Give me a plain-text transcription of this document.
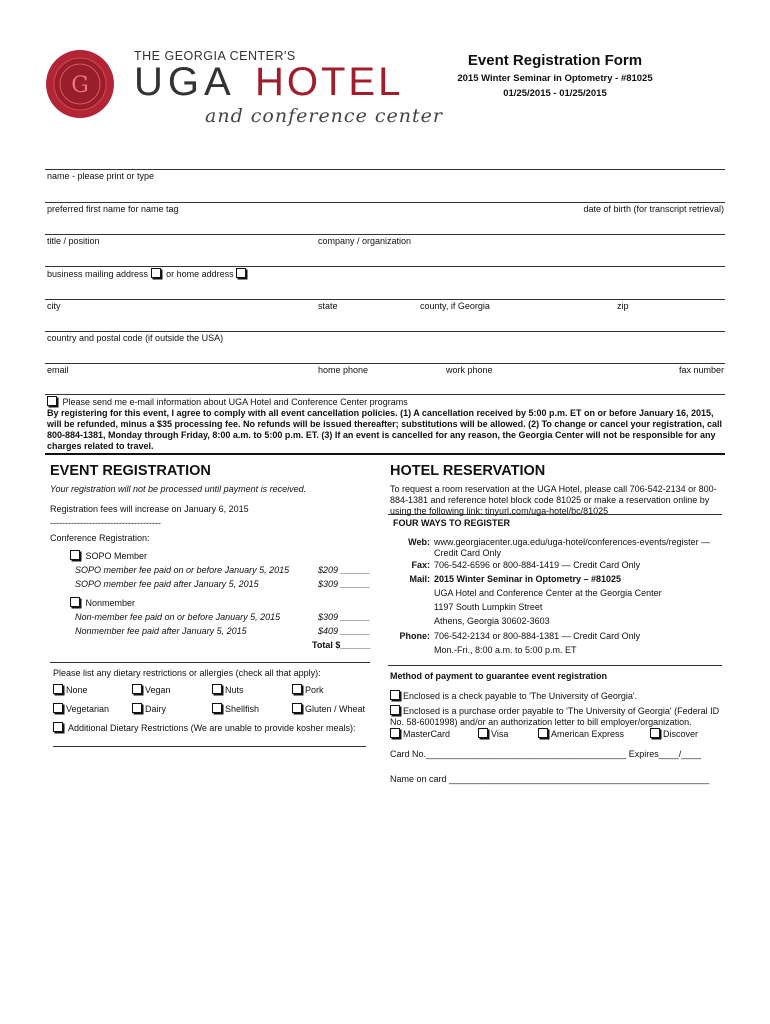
G
THE GEORGIA CENTER'S
UGA HOTEL
and conference center
Event Registration Form
2015 Winter Seminar in Optometry - #81025
01/25/2015 - 01/25/2015
name - please print or type
preferred first name for name tag	date of birth (for transcript retrieval)
title / position	company / organization
business mailing address or home address
city	state	county, if Georgia	zip
country and postal code (if outside the USA)
email	home phone	work phone	fax number
Please send me e-mail information about UGA Hotel and Conference Center programs
By registering for this event, I agree to comply with all event cancellation policies. (1) A cancellation received by 5:00 p.m. ET on or before January 16, 2015, will be refunded, minus a $35 processing fee. No refunds will be issued thereafter; substitutions will be allowed. (2) To change or cancel your registration, call 800-884-1381, Monday through Friday, 8:00 a.m. to 5:00 p.m. ET. (3) If an event is cancelled for any reason, the Georgia Center will not be responsible for any charges related to travel.
EVENT REGISTRATION
Your registration will not be processed until payment is received.
Registration fees will increase on January 6, 2015
-------------------------------------
Conference Registration:
SOPO Member
SOPO member fee paid on or before January 5, 2015	$209 ______
SOPO member fee paid after January 5, 2015	$309 ______
Nonmember
Non-member fee paid on or before January 5, 2015	$309 ______
Nonmember fee paid after January 5, 2015	$409 ______
Total $______
Please list any dietary restrictions or allergies (check all that apply):
None	Vegan	Nuts	Pork
Vegetarian	Dairy	Shellfish	Gluten / Wheat
Additional Dietary Restrictions (We are unable to provide kosher meals):
HOTEL RESERVATION
To request a room reservation at the UGA Hotel, please call 706-542-2134 or 800-884-1381 and reference hotel block code 81025 or make a reservation online by using the following link: tinyurl.com/uga-hotel/bc/81025
FOUR WAYS TO REGISTER
Web: www.georgiacenter.uga.edu/uga-hotel/conferences-events/register — Credit Card Only
Fax: 706-542-6596 or 800-884-1419 — Credit Card Only
Mail: 2015 Winter Seminar in Optometry – #81025
UGA Hotel and Conference Center at the Georgia Center
1197 South Lumpkin Street
Athens, Georgia 30602-3603
Phone: 706-542-2134 or 800-884-1381 — Credit Card Only
Mon.-Fri., 8:00 a.m. to 5:00 p.m. ET
Method of payment to guarantee event registration
Enclosed is a check payable to 'The University of Georgia'.
Enclosed is a purchase order payable to 'The University of Georgia' (Federal ID No. 58-6001998) and/or an authorization letter to bill employer/organization.
MasterCard	Visa	American Express	Discover
Card No.________________________________________ Expires____/____
Name on card ____________________________________________________
